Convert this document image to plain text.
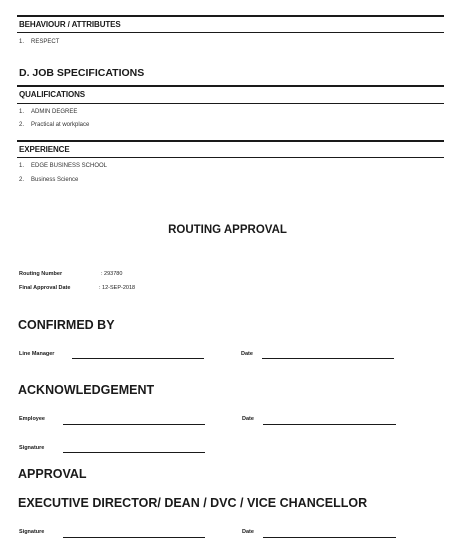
BEHAVIOUR / ATTRIBUTES
1. RESPECT
D. JOB SPECIFICATIONS
QUALIFICATIONS
1. ADMIN DEGREE
2. Practical at workplace
EXPERIENCE
1. EDGE BUSINESS SCHOOL
2. Business Science
ROUTING APPROVAL
Routing Number	: 293780
Final Approval Date	: 12-SEP-2018
CONFIRMED BY
Line Manager	Date
ACKNOWLEDGEMENT
Employee	Date
Signature
APPROVAL
EXECUTIVE DIRECTOR/ DEAN / DVC / VICE CHANCELLOR
Signature	Date
